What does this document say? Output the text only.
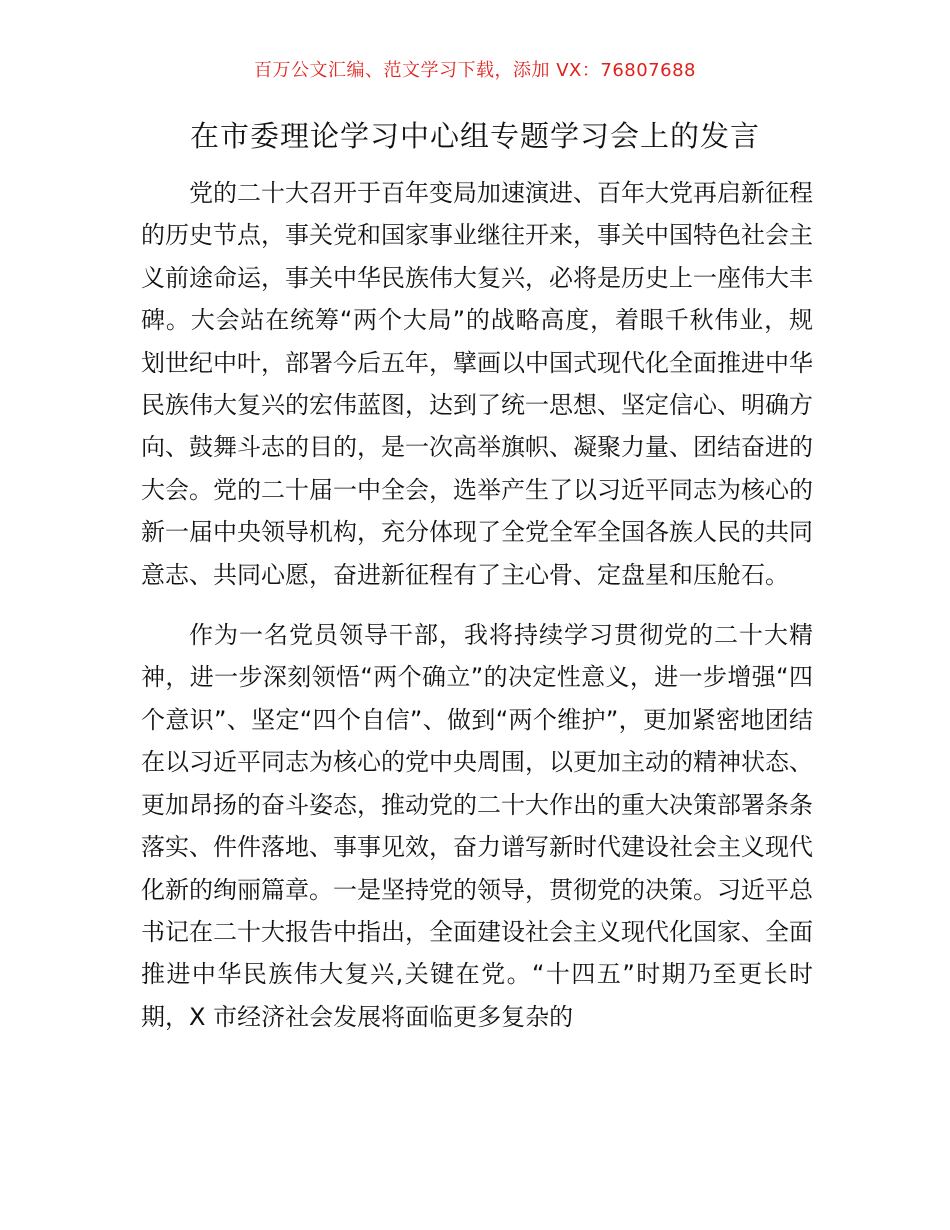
百万公文汇编、范文学习下载，添加 VX：76807688
在市委理论学习中心组专题学习会上的发言

党的二十大召开于百年变局加速演进、百年大党再启新征程的历史节点，事关党和国家事业继往开来，事关中国特色社会主义前途命运，事关中华民族伟大复兴，必将是历史上一座伟大丰碑。大会站在统筹“两个大局”的战略高度，着眼千秋伟业，规划世纪中叶，部署今后五年，擘画以中国式现代化全面推进中华民族伟大复兴的宏伟蓝图，达到了统一思想、坚定信心、明确方向、鼓舞斗志的目的，是一次高举旗帜、凝聚力量、团结奋进的大会。党的二十届一中全会，选举产生了以习近平同志为核心的新一届中央领导机构，充分体现了全党全军全国各族人民的共同意志、共同心愿，奋进新征程有了主心骨、定盘星和压舱石。

作为一名党员领导干部，我将持续学习贯彻党的二十大精神，进一步深刻领悟“两个确立”的决定性意义，进一步增强“四个意识”、坚定“四个自信”、做到“两个维护”，更加紧密地团结在以习近平同志为核心的党中央周围，以更加主动的精神状态、更加昂扬的奋斗姿态，推动党的二十大作出的重大决策部署条条落实、件件落地、事事见效，奋力谱写新时代建设社会主义现代化新的绚丽篇章。一是坚持党的领导，贯彻党的决策。习近平总书记在二十大报告中指出，全面建设社会主义现代化国家、全面推进中华民族伟大复兴,关键在党。“十四五”时期乃至更长时期，X 市经济社会发展将面临更多复杂的
